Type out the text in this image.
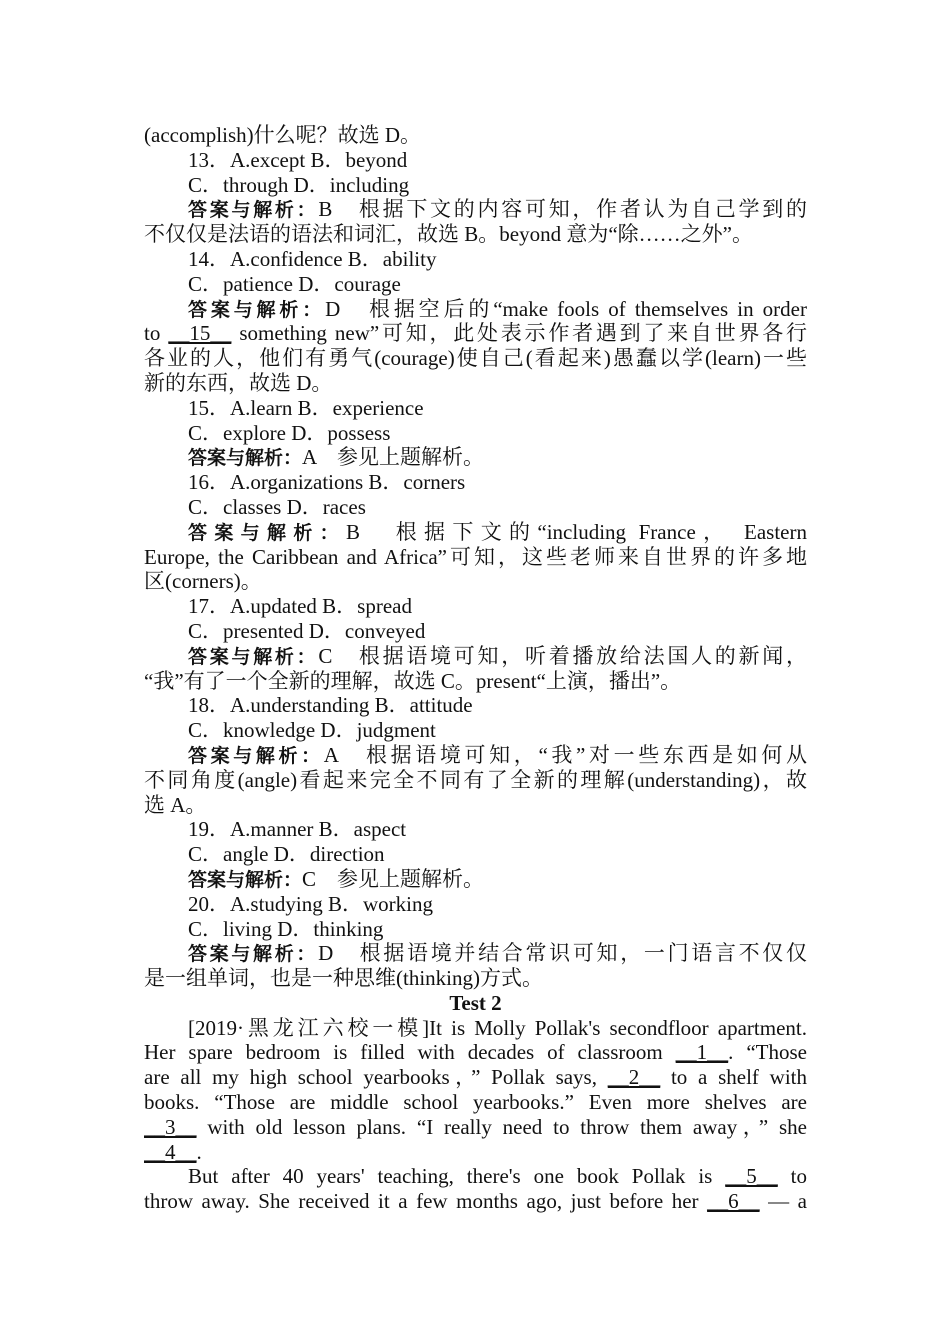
(accomplish)什么呢？故选 D。
13．A.except B．beyond
C．through D．including
答案与解析：B　根据下文的内容可知，作者认为自己学到的
不仅仅是法语的语法和词汇，故选 B。beyond 意为“除……之外”。
14．A.confidence B．ability
C．patience D．courage
答案与解析：D　根据空后的“make fools of themselves in order
to __15__ something new”可知，此处表示作者遇到了来自世界各行
各业的人，他们有勇气(courage)使自己(看起来)愚蠢以学(learn)一些
新的东西，故选 D。
15．A.learn B．experience
C．explore D．possess
答案与解析：A　参见上题解析。
16．A.organizations B．corners
C．classes D．races
答案与解析：B　根据下文的“including France， Eastern
Europe, the Caribbean and Africa”可知，这些老师来自世界的许多地
区(corners)。
17．A.updated B．spread
C．presented D．conveyed
答案与解析：C　根据语境可知，听着播放给法国人的新闻，
“我”有了一个全新的理解，故选 C。present“上演，播出”。
18．A.understanding B．attitude
C．knowledge D．judgment
答案与解析：A　根据语境可知，“我”对一些东西是如何从
不同角度(angle)看起来完全不同有了全新的理解(understanding)，故
选 A。
19．A.manner B．aspect
C．angle D．direction
答案与解析：C　参见上题解析。
20．A.studying B．working
C．living D．thinking
答案与解析：D　根据语境并结合常识可知，一门语言不仅仅
是一组单词，也是一种思维(thinking)方式。
Test 2
[2019·黑龙江六校一模]It is Molly Pollak's secondfloor apartment.
Her spare bedroom is filled with decades of classroom __1__. “Those
are all my high school yearbooks，” Pollak says, __2__ to a shelf with
books. “Those are middle school yearbooks.” Even more shelves are
__3__ with old lesson plans. “I really need to throw them away，” she
__4__.
But after 40 years' teaching, there's one book Pollak is __5__ to
throw away. She received it a few months ago, just before her __6__ — a
